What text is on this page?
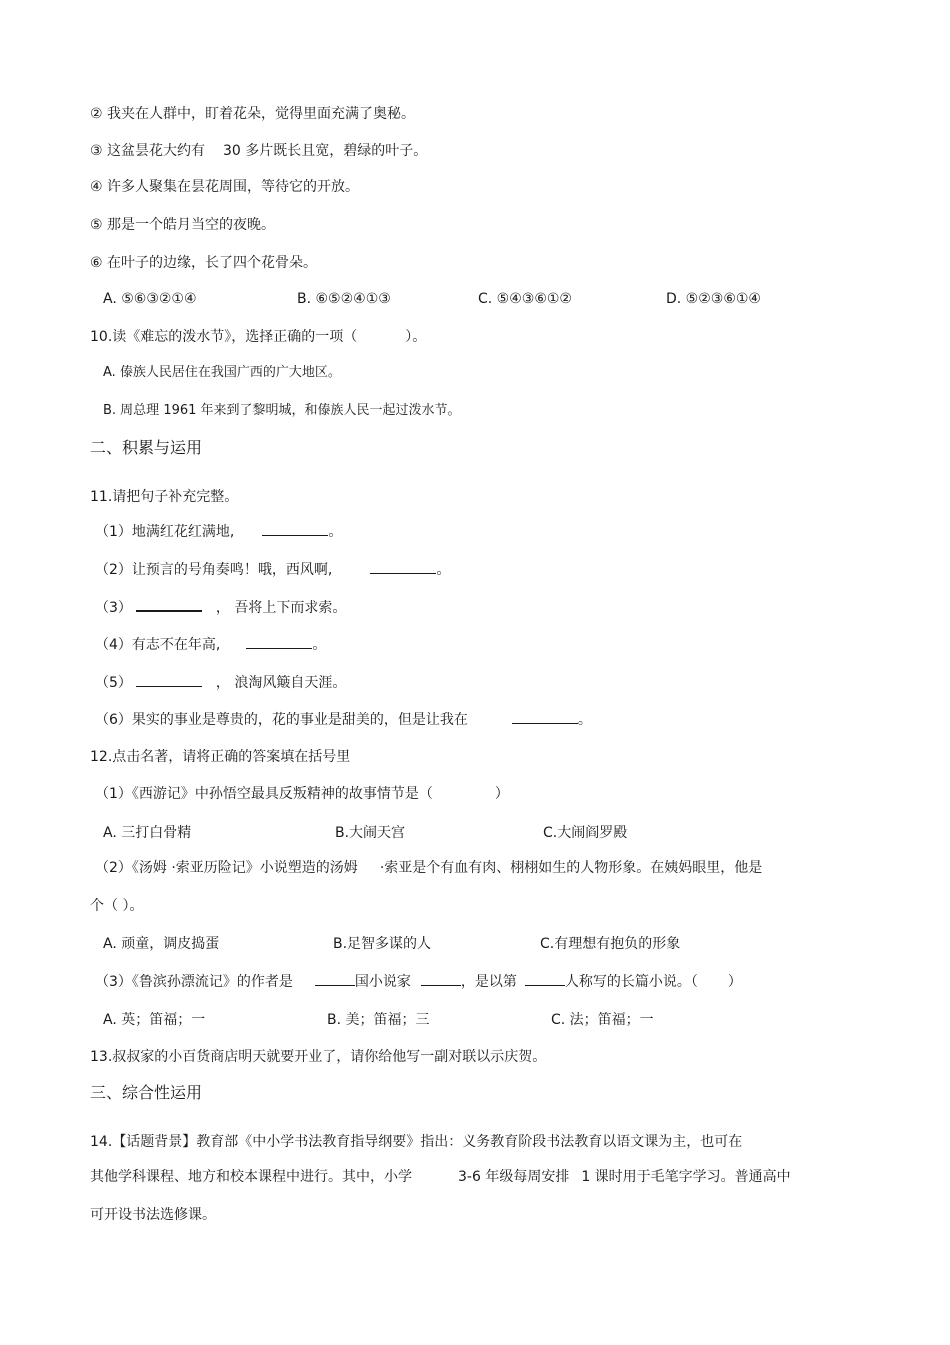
② 我夹在人群中，盯着花朵，觉得里面充满了奥秘。
③ 这盆昙花大约有 30 多片既长且宽，碧绿的叶子。
④ 许多人聚集在昙花周围，等待它的开放。
⑤ 那是一个皓月当空的夜晚。
⑥ 在叶子的边缘，长了四个花骨朵。
A. ⑤⑥③②①④	B. ⑥⑤②④①③	C. ⑤④③⑥①②	D. ⑤②③⑥①④
10.读《难忘的泼水节》，选择正确的一项（	）。
A. 傣族人民居住在我国广西的广大地区。
B. 周总理 1961 年来到了黎明城，和傣族人民一起过泼水节。
二、积累与运用
11.请把句子补充完整。
（1）地满红花红满地,	。
（2）让预言的号角奏鸣！哦，西风啊,	。
（3）	， 吾将上下而求索。
（4）有志不在年高,	。
（5）	， 浪淘风簸自天涯。
（6）果实的事业是尊贵的，花的事业是甜美的，但是让我在	。
12.点击名著，请将正确的答案填在括号里
（1）《西游记》中孙悟空最具反叛精神的故事情节是（	）
A. 三打白骨精	B.大闹天宫	C.大闹阎罗殿
（2）《汤姆 ·索亚历险记》小说塑造的汤姆 ·索亚是个有血有肉、栩栩如生的人物形象。在姨妈眼里，他是
个（ ）。
A. 顽童，调皮捣蛋	B.足智多谋的人	C.有理想有抱负的形象
（3）《鲁滨孙漂流记》的作者是	国小说家	，是以第	人称写的长篇小说。（ ）
A. 英；笛福；一	B. 美；笛福；三	C. 法；笛福；一
13.叔叔家的小百货商店明天就要开业了，请你给他写一副对联以示庆贺。
三、综合性运用
14.【话题背景】教育部《中小学书法教育指导纲要》指出：义务教育阶段书法教育以语文课为主，也可在
其他学科课程、地方和校本课程中进行。其中，小学	3-6 年级每周安排 1 课时用于毛笔字学习。普通高中
可开设书法选修课。
